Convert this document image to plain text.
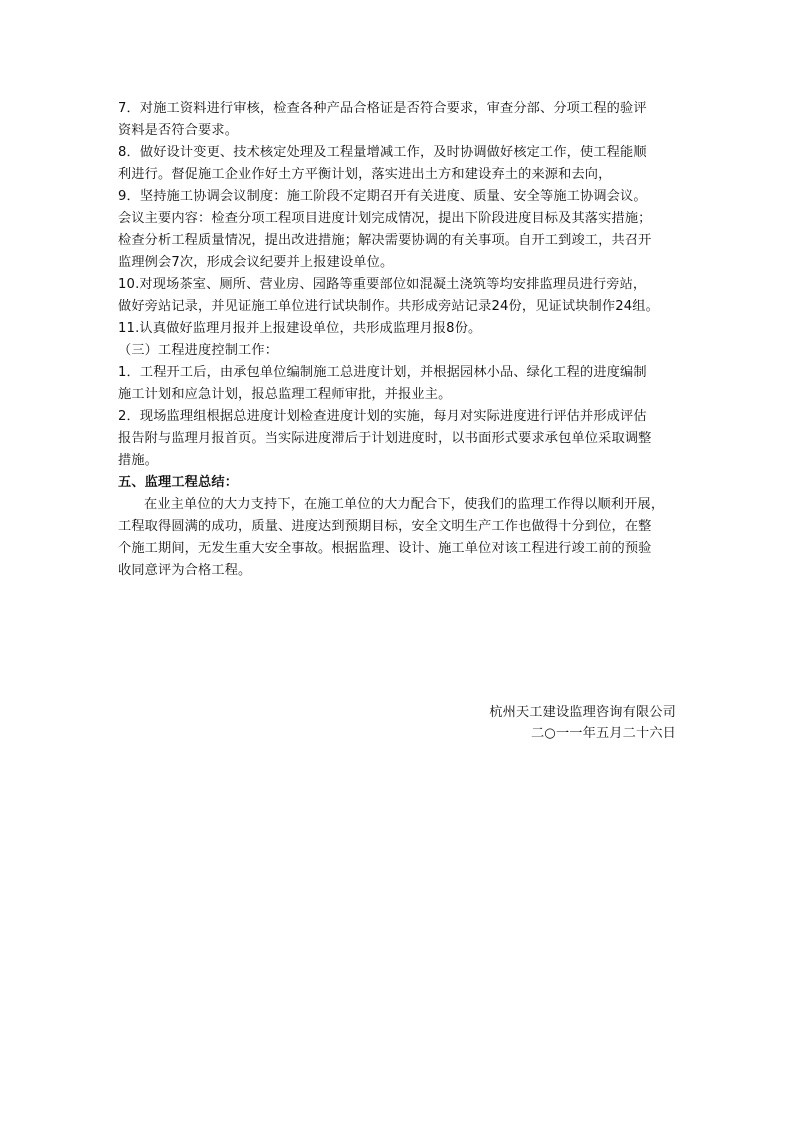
7．对施工资料进行审核，检查各种产品合格证是否符合要求，审查分部、分项工程的验评
资料是否符合要求。
8．做好设计变更、技术核定处理及工程量增减工作，及时协调做好核定工作，使工程能顺
利进行。督促施工企业作好土方平衡计划，落实进出土方和建设弃土的来源和去向，
9．坚持施工协调会议制度：施工阶段不定期召开有关进度、质量、安全等施工协调会议。
会议主要内容：检查分项工程项目进度计划完成情况，提出下阶段进度目标及其落实措施；
检查分析工程质量情况，提出改进措施；解决需要协调的有关事项。自开工到竣工，共召开
监理例会7次，形成会议纪要并上报建设单位。
10.对现场茶室、厕所、营业房、园路等重要部位如混凝土浇筑等均安排监理员进行旁站，
做好旁站记录，并见证施工单位进行试块制作。共形成旁站记录24份，见证试块制作24组。
11.认真做好监理月报并上报建设单位，共形成监理月报8份。
（三）工程进度控制工作：
1．工程开工后，由承包单位编制施工总进度计划，并根据园林小品、绿化工程的进度编制
施工计划和应急计划，报总监理工程师审批，并报业主。
2．现场监理组根据总进度计划检查进度计划的实施，每月对实际进度进行评估并形成评估
报告附与监理月报首页。当实际进度滞后于计划进度时，以书面形式要求承包单位采取调整
措施。
五、监理工程总结：
在业主单位的大力支持下，在施工单位的大力配合下，使我们的监理工作得以顺利开展，
工程取得圆满的成功，质量、进度达到预期目标，安全文明生产工作也做得十分到位，在整
个施工期间，无发生重大安全事故。根据监理、设计、施工单位对该工程进行竣工前的预验
收同意评为合格工程。
杭州天工建设监理咨询有限公司
二○一一年五月二十六日
